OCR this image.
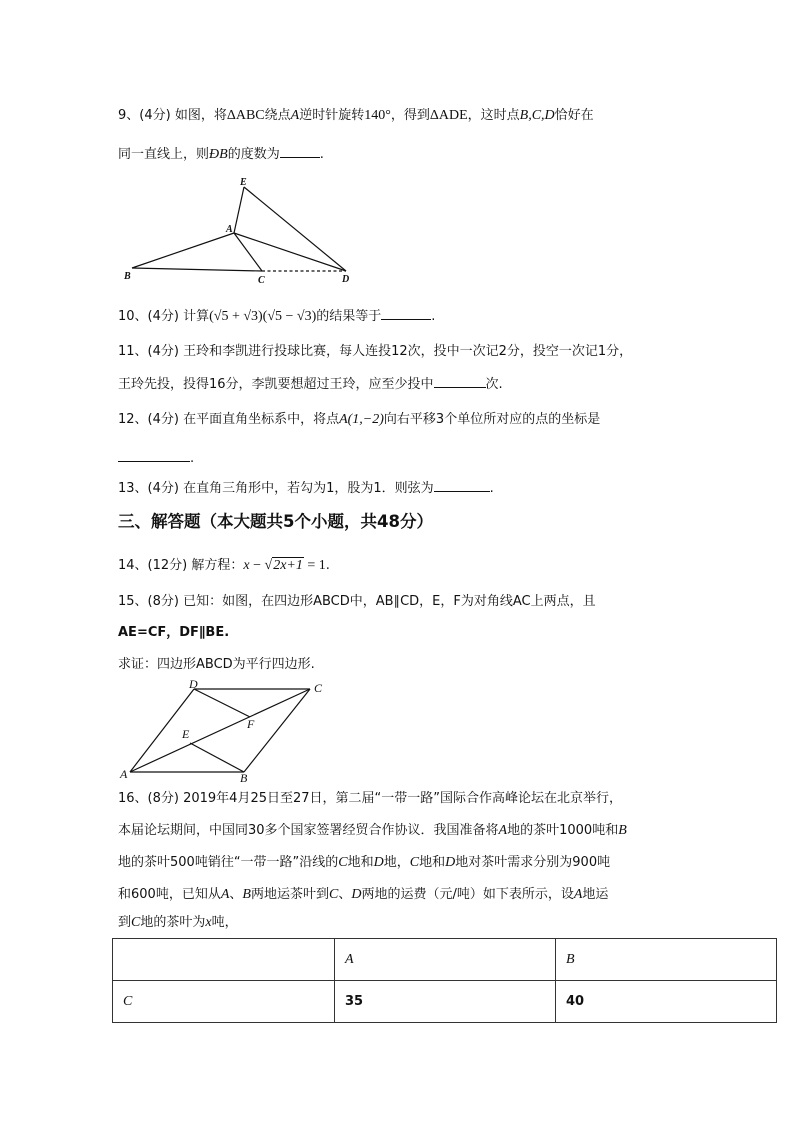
9、(4分) 如图，将ΔABC绕点A逆时针旋转140°，得到ΔADE，这时点B,C,D恰好在
同一直线上，则ÐB的度数为	.
E
A
B	C	D
10、(4分) 计算(√5 + √3)(√5 − √3)的结果等于	.
11、(4分) 王玲和李凯进行投球比赛，每人连投12次，投中一次记2分，投空一次记1分，
王玲先投，投得16分，李凯要想超过王玲，应至少投中	次.
12、(4分) 在平面直角坐标系中，将点A(1,−2)向右平移3个单位所对应的点的坐标是
.
13、(4分) 在直角三角形中，若勾为1，股为1．则弦为	.
三、解答题（本大题共5个小题，共48分）
14、(12分) 解方程：x − √2x+1 = 1.
15、(8分) 已知：如图，在四边形ABCD中，AB∥CD，E，F为对角线AC上两点，且
AE=CF，DF∥BE.
求证：四边形ABCD为平行四边形.
D	C
F
E
A	B
16、(8分) 2019年4月25日至27日，第二届“一带一路”国际合作高峰论坛在北京举行，
本届论坛期间，中国同30多个国家签署经贸合作协议．我国准备将A地的茶叶1000吨和B
地的茶叶500吨销往“一带一路”沿线的C地和D地，C地和D地对茶叶需求分别为900吨
和600吨，已知从A、B两地运茶叶到C、D两地的运费（元/吨）如下表所示，设A地运
到C地的茶叶为x吨，
	A	B
C	35	40
